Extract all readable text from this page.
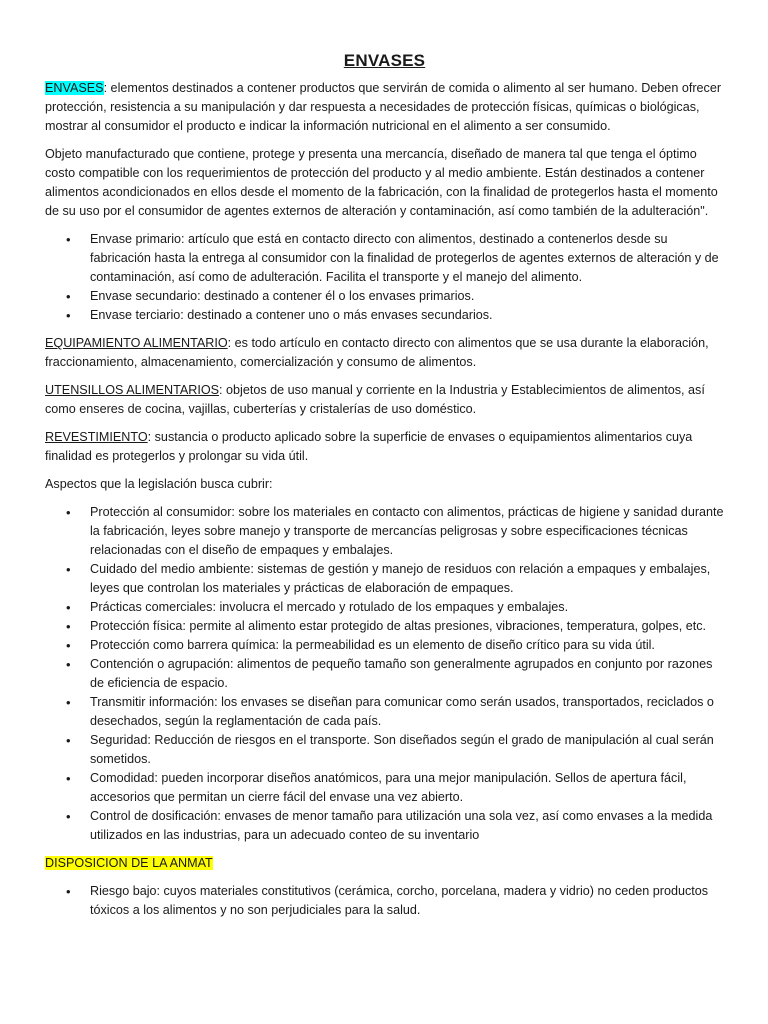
ENVASES

ENVASES: elementos destinados a contener productos que servirán de comida o alimento al ser humano. Deben ofrecer protección, resistencia a su manipulación y dar respuesta a necesidades de protección físicas, químicas o biológicas, mostrar al consumidor el producto e indicar la información nutricional en el alimento a ser consumido.

Objeto manufacturado que contiene, protege y presenta una mercancía, diseñado de manera tal que tenga el óptimo costo compatible con los requerimientos de protección del producto y al medio ambiente. Están destinados a contener alimentos acondicionados en ellos desde el momento de la fabricación, con la finalidad de protegerlos hasta el momento de su uso por el consumidor de agentes externos de alteración y contaminación, así como también de la adulteración".

• Envase primario: artículo que está en contacto directo con alimentos, destinado a contenerlos desde su fabricación hasta la entrega al consumidor con la finalidad de protegerlos de agentes externos de alteración y de contaminación, así como de adulteración. Facilita el transporte y el manejo del alimento.
• Envase secundario: destinado a contener él o los envases primarios.
• Envase terciario: destinado a contener uno o más envases secundarios.

EQUIPAMIENTO ALIMENTARIO: es todo artículo en contacto directo con alimentos que se usa durante la elaboración, fraccionamiento, almacenamiento, comercialización y consumo de alimentos.

UTENSILLOS ALIMENTARIOS: objetos de uso manual y corriente en la Industria y Establecimientos de alimentos, así como enseres de cocina, vajillas, cuberterías y cristalerías de uso doméstico.

REVESTIMIENTO: sustancia o producto aplicado sobre la superficie de envases o equipamientos alimentarios cuya finalidad es protegerlos y prolongar su vida útil.

Aspectos que la legislación busca cubrir:

• Protección al consumidor: sobre los materiales en contacto con alimentos, prácticas de higiene y sanidad durante la fabricación, leyes sobre manejo y transporte de mercancías peligrosas y sobre especificaciones técnicas relacionadas con el diseño de empaques y embalajes.
• Cuidado del medio ambiente: sistemas de gestión y manejo de residuos con relación a empaques y embalajes, leyes que controlan los materiales y prácticas de elaboración de empaques.
• Prácticas comerciales: involucra el mercado y rotulado de los empaques y embalajes.
• Protección física: permite al alimento estar protegido de altas presiones, vibraciones, temperatura, golpes, etc.
• Protección como barrera química: la permeabilidad es un elemento de diseño crítico para su vida útil.
• Contención o agrupación: alimentos de pequeño tamaño son generalmente agrupados en conjunto por razones de eficiencia de espacio.
• Transmitir información: los envases se diseñan para comunicar como serán usados, transportados, reciclados o desechados, según la reglamentación de cada país.
• Seguridad: Reducción de riesgos en el transporte. Son diseñados según el grado de manipulación al cual serán sometidos.
• Comodidad: pueden incorporar diseños anatómicos, para una mejor manipulación. Sellos de apertura fácil, accesorios que permitan un cierre fácil del envase una vez abierto.
• Control de dosificación: envases de menor tamaño para utilización una sola vez, así como envases a la medida utilizados en las industrias, para un adecuado conteo de su inventario

DISPOSICION DE LA ANMAT

• Riesgo bajo: cuyos materiales constitutivos (cerámica, corcho, porcelana, madera y vidrio) no ceden productos tóxicos a los alimentos y no son perjudiciales para la salud.
